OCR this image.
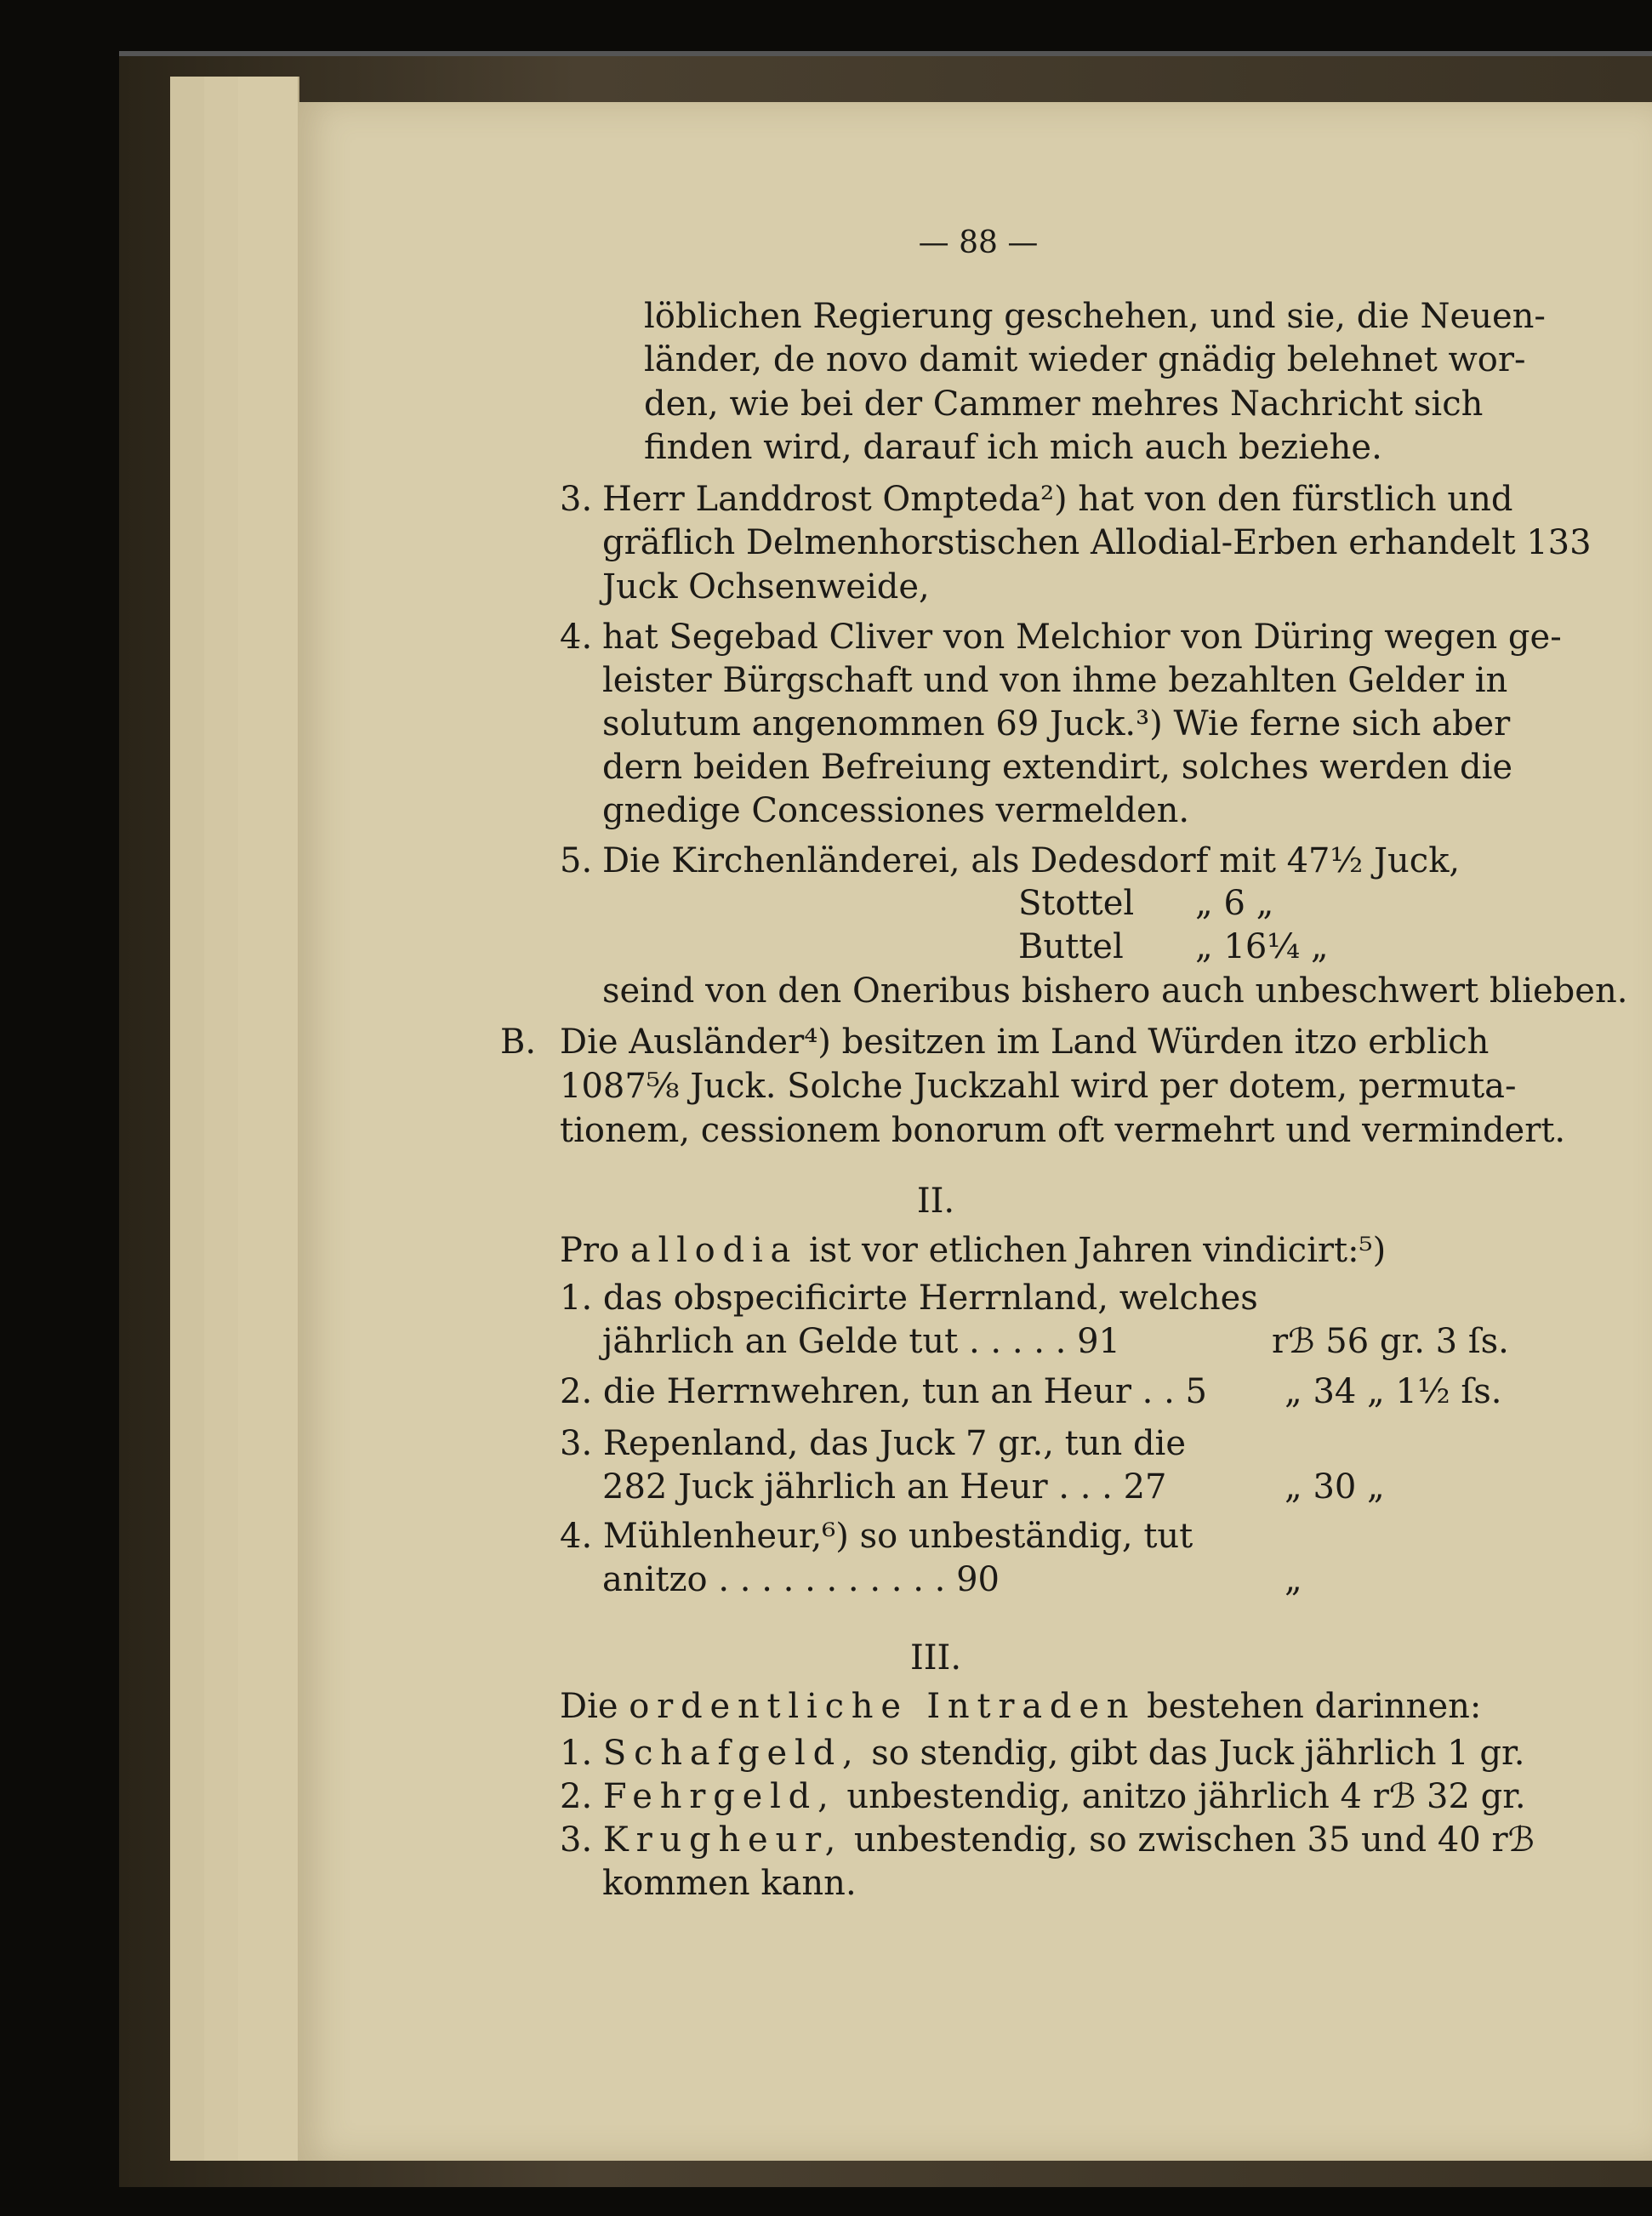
— 88 —
löblichen Regierung geschehen, und sie, die Neuen-
länder, de novo damit wieder gnädig belehnet wor-
den, wie bei der Cammer mehres Nachricht sich
finden wird, darauf ich mich auch beziehe.
3. Herr Landdrost Ompteda²) hat von den fürstlich und
gräflich Delmenhorstischen Allodial-Erben erhandelt 133
Juck Ochsenweide,
4. hat Segebad Cliver von Melchior von Düring wegen ge-
leister Bürgschaft und von ihme bezahlten Gelder in
solutum angenommen 69 Juck.³) Wie ferne sich aber
dern beiden Befreiung extendirt, solches werden die
gnedige Concessiones vermelden.
5. Die Kirchenländerei, als Dedesdorf mit 47½ Juck,
Stottel „ 6 „
Buttel „ 16¼ „
seind von den Oneribus bishero auch unbeschwert blieben.
B. Die Ausländer⁴) besitzen im Land Würden itzo erblich
1087⅝ Juck. Solche Juckzahl wird per dotem, permuta-
tionem, cessionem bonorum oft vermehrt und vermindert.
II.
Pro allodia ist vor etlichen Jahren vindicirt:⁵)
1. das obspecificirte Herrnland, welches
jährlich an Gelde tut . . . . . 91	rℬ 56 gr. 3 ſs.
2. die Herrnwehren, tun an Heur . . 5 „ 34 „ 1½ ſs.
3. Repenland, das Juck 7 gr., tun die
282 Juck jährlich an Heur . . . 27	„ 30 „
4. Mühlenheur,⁶) so unbeständig, tut
anitzo . . . . . . . . . . . 90	„
III.
Die ordentliche Intraden bestehen darinnen:
1. Schafgeld, so stendig, gibt das Juck jährlich 1 gr.
2. Fehrgeld, unbestendig, anitzo jährlich 4 rℬ 32 gr.
3. Krugheur, unbestendig, so zwischen 35 und 40 rℬ
kommen kann.
